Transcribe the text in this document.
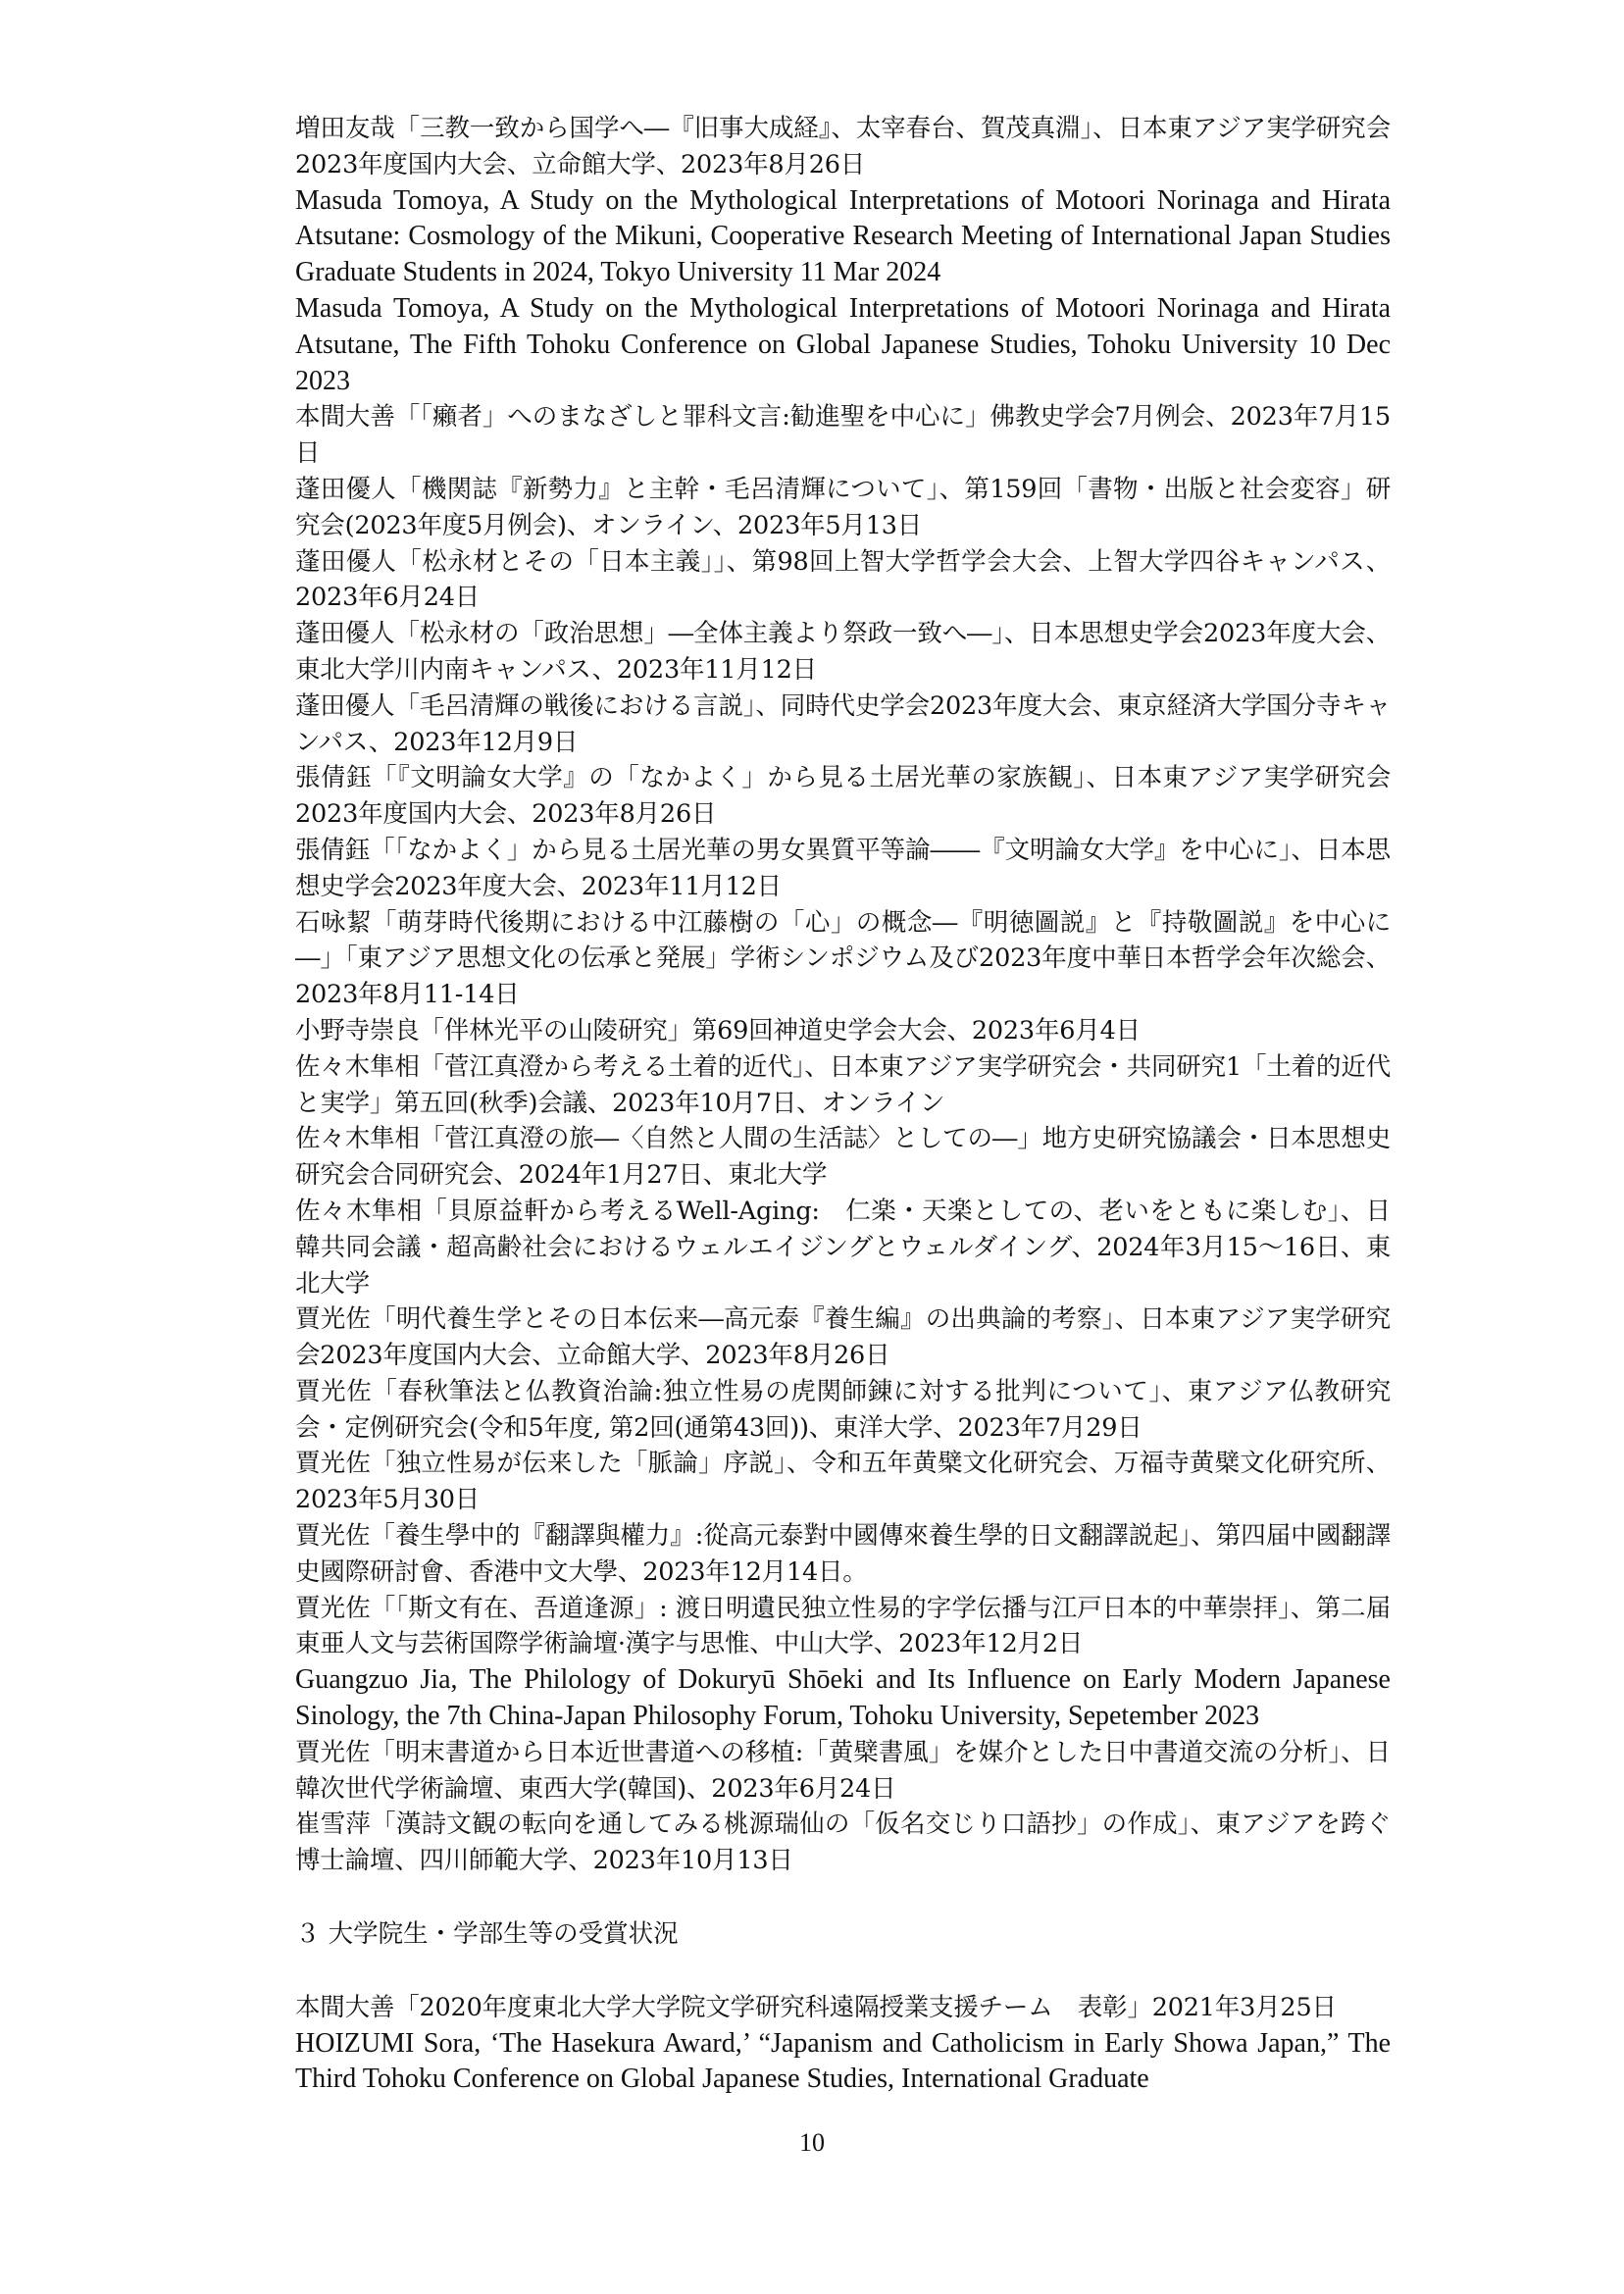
増田友哉「三教一致から国学へ―『旧事大成経』、太宰春台、賀茂真淵」、日本東アジア実学研究会 2023年度国内大会、立命館大学、2023年8月26日

Masuda Tomoya, A Study on the Mythological Interpretations of Motoori Norinaga and Hirata Atsutane: Cosmology of the Mikuni, Cooperative Research Meeting of International Japan Studies Graduate Students in 2024, Tokyo University 11 Mar 2024

Masuda Tomoya, A Study on the Mythological Interpretations of Motoori Norinaga and Hirata Atsutane, The Fifth Tohoku Conference on Global Japanese Studies, Tohoku University 10 Dec 2023

本間大善「「癩者」へのまなざしと罪科文言:勧進聖を中心に」佛教史学会7月例会、2023年7月15日

蓬田優人「機関誌『新勢力』と主幹・毛呂清輝について」、第159回「書物・出版と社会変容」研究会(2023年度5月例会)、オンライン、2023年5月13日

蓬田優人「松永材とその「日本主義」」、第98回上智大学哲学会大会、上智大学四谷キャンパス、2023年6月24日

蓬田優人「松永材の「政治思想」―全体主義より祭政一致へ―」、日本思想史学会2023年度大会、東北大学川内南キャンパス、2023年11月12日

蓬田優人「毛呂清輝の戦後における言説」、同時代史学会2023年度大会、東京経済大学国分寺キャンパス、2023年12月9日

張倩鈺「『文明論女大学』の「なかよく」から見る土居光華の家族観」、日本東アジア実学研究会2023年度国内大会、2023年8月26日

張倩鈺「「なかよく」から見る土居光華の男女異質平等論――『文明論女大学』を中心に」、日本思想史学会2023年度大会、2023年11月12日

石咏絜「萌芽時代後期における中江藤樹の「心」の概念―『明徳圖説』と『持敬圖説』を中心に―」「東アジア思想文化の伝承と発展」学術シンポジウム及び2023年度中華日本哲学会年次総会、2023年8月11-14日

小野寺崇良「伴林光平の山陵研究」第69回神道史学会大会、2023年6月4日

佐々木隼相「菅江真澄から考える土着的近代」、日本東アジア実学研究会・共同研究1「土着的近代と実学」第五回(秋季)会議、2023年10月7日、オンライン

佐々木隼相「菅江真澄の旅―〈自然と人間の生活誌〉としての―」地方史研究協議会・日本思想史研究会合同研究会、2024年1月27日、東北大学

佐々木隼相「貝原益軒から考えるWell-Aging:　仁楽・天楽としての、老いをともに楽しむ」、日韓共同会議・超高齢社会におけるウェルエイジングとウェルダイング、2024年3月15〜16日、東北大学

賈光佐「明代養生学とその日本伝来―高元泰『養生編』の出典論的考察」、日本東アジア実学研究会2023年度国内大会、立命館大学、2023年8月26日

賈光佐「春秋筆法と仏教資治論:独立性易の虎関師錬に対する批判について」、東アジア仏教研究会・定例研究会(令和5年度, 第2回(通第43回))、東洋大学、2023年7月29日

賈光佐「独立性易が伝来した「脈論」序説」、令和五年黄檗文化研究会、万福寺黄檗文化研究所、2023年5月30日

賈光佐「養生學中的『翻譯與權力』:從高元泰對中國傳來養生學的日文翻譯説起」、第四届中國翻譯史國際研討會、香港中文大學、2023年12月14日。

賈光佐「「斯文有在、吾道逢源」: 渡日明遺民独立性易的字学伝播与江戸日本的中華崇拝」、第二届東亜人文与芸術国際学術論壇·漢字与思惟、中山大学、2023年12月2日

Guangzuo Jia, The Philology of Dokuryū Shōeki and Its Influence on Early Modern Japanese Sinology, the 7th China-Japan Philosophy Forum, Tohoku University, Sepetember 2023

賈光佐「明末書道から日本近世書道への移植:「黄檗書風」を媒介とした日中書道交流の分析」、日韓次世代学術論壇、東西大学(韓国)、2023年6月24日

崔雪萍「漢詩文観の転向を通してみる桃源瑞仙の「仮名交じり口語抄」の作成」、東アジアを跨ぐ博士論壇、四川師範大学、2023年10月13日

３ 大学院生・学部生等の受賞状況

本間大善「2020年度東北大学大学院文学研究科遠隔授業支援チーム　表彰」2021年3月25日

HOIZUMI Sora, ‘The Hasekura Award,’ “Japanism and Catholicism in Early Showa Japan,” The Third Tohoku Conference on Global Japanese Studies, International Graduate

10
